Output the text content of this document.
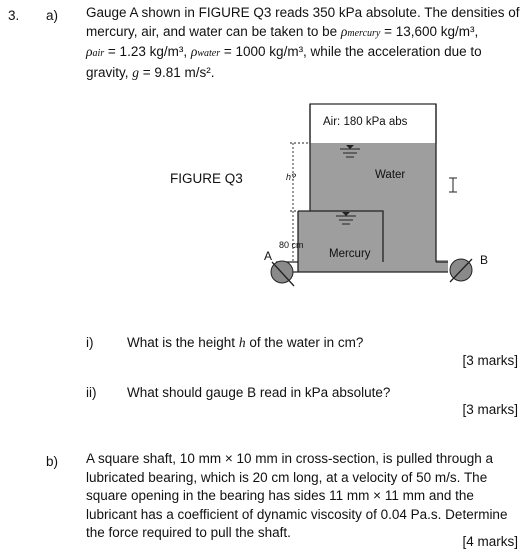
3. a) Gauge A shown in FIGURE Q3 reads 350 kPa absolute. The densities of
mercury, air, and water can be taken to be ρmercury = 13,600 kg/m³,
ρair = 1.23 kg/m³, ρwater = 1000 kg/m³, while the acceleration due to
gravity, g = 9.81 m/s².
FIGURE Q3
Air: 180 kPa abs
Water
Mercury
h?
80 cm
A	B
i) What is the height h of the water in cm?
[3 marks]
ii) What should gauge B read in kPa absolute?
[3 marks]
b) A square shaft, 10 mm × 10 mm in cross-section, is pulled through a
lubricated bearing, which is 20 cm long, at a velocity of 50 m/s. The
square opening in the bearing has sides 11 mm × 11 mm and the
lubricant has a coefficient of dynamic viscosity of 0.04 Pa.s. Determine
the force required to pull the shaft.
[4 marks]
